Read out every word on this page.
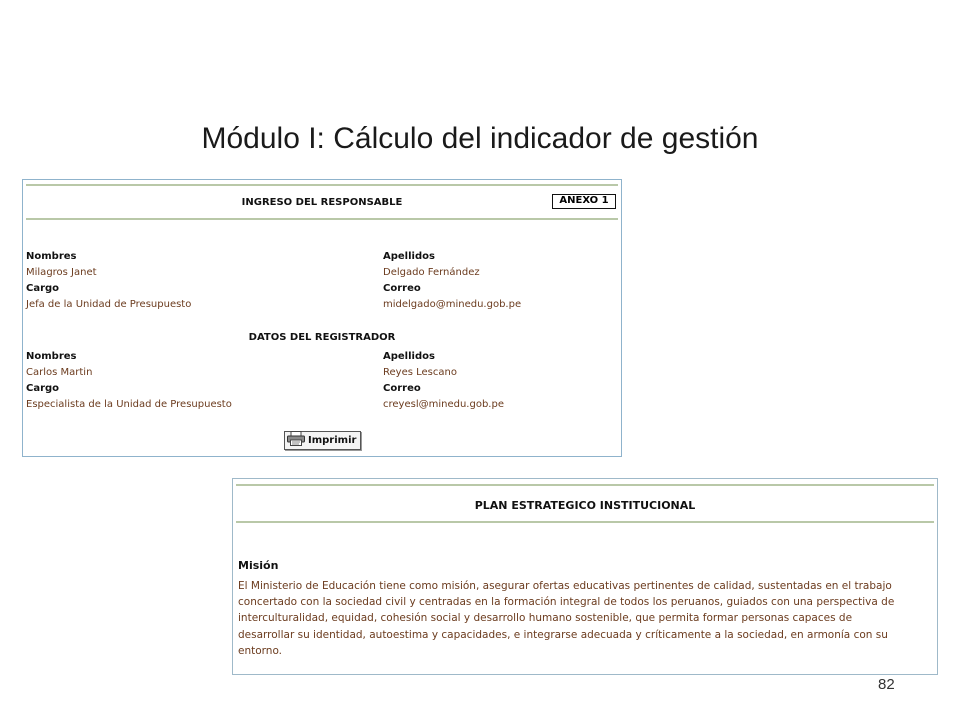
Módulo I: Cálculo del indicador de gestión
INGRESO DEL RESPONSABLE	ANEXO 1
Nombres	Apellidos
Milagros Janet	Delgado Fernández
Cargo	Correo
Jefa de la Unidad de Presupuesto	midelgado@minedu.gob.pe
DATOS DEL REGISTRADOR
Nombres	Apellidos
Carlos Martin	Reyes Lescano
Cargo	Correo
Especialista de la Unidad de Presupuesto	creyesl@minedu.gob.pe
Imprimir
PLAN ESTRATEGICO INSTITUCIONAL
Misión

El Ministerio de Educación tiene como misión, asegurar ofertas educativas pertinentes de calidad, sustentadas en el trabajo
concertado con la sociedad civil y centradas en la formación integral de todos los peruanos, guiados con una perspectiva de
interculturalidad, equidad, cohesión social y desarrollo humano sostenible, que permita formar personas capaces de
desarrollar su identidad, autoestima y capacidades, e integrarse adecuada y críticamente a la sociedad, en armonía con su
entorno.

82
